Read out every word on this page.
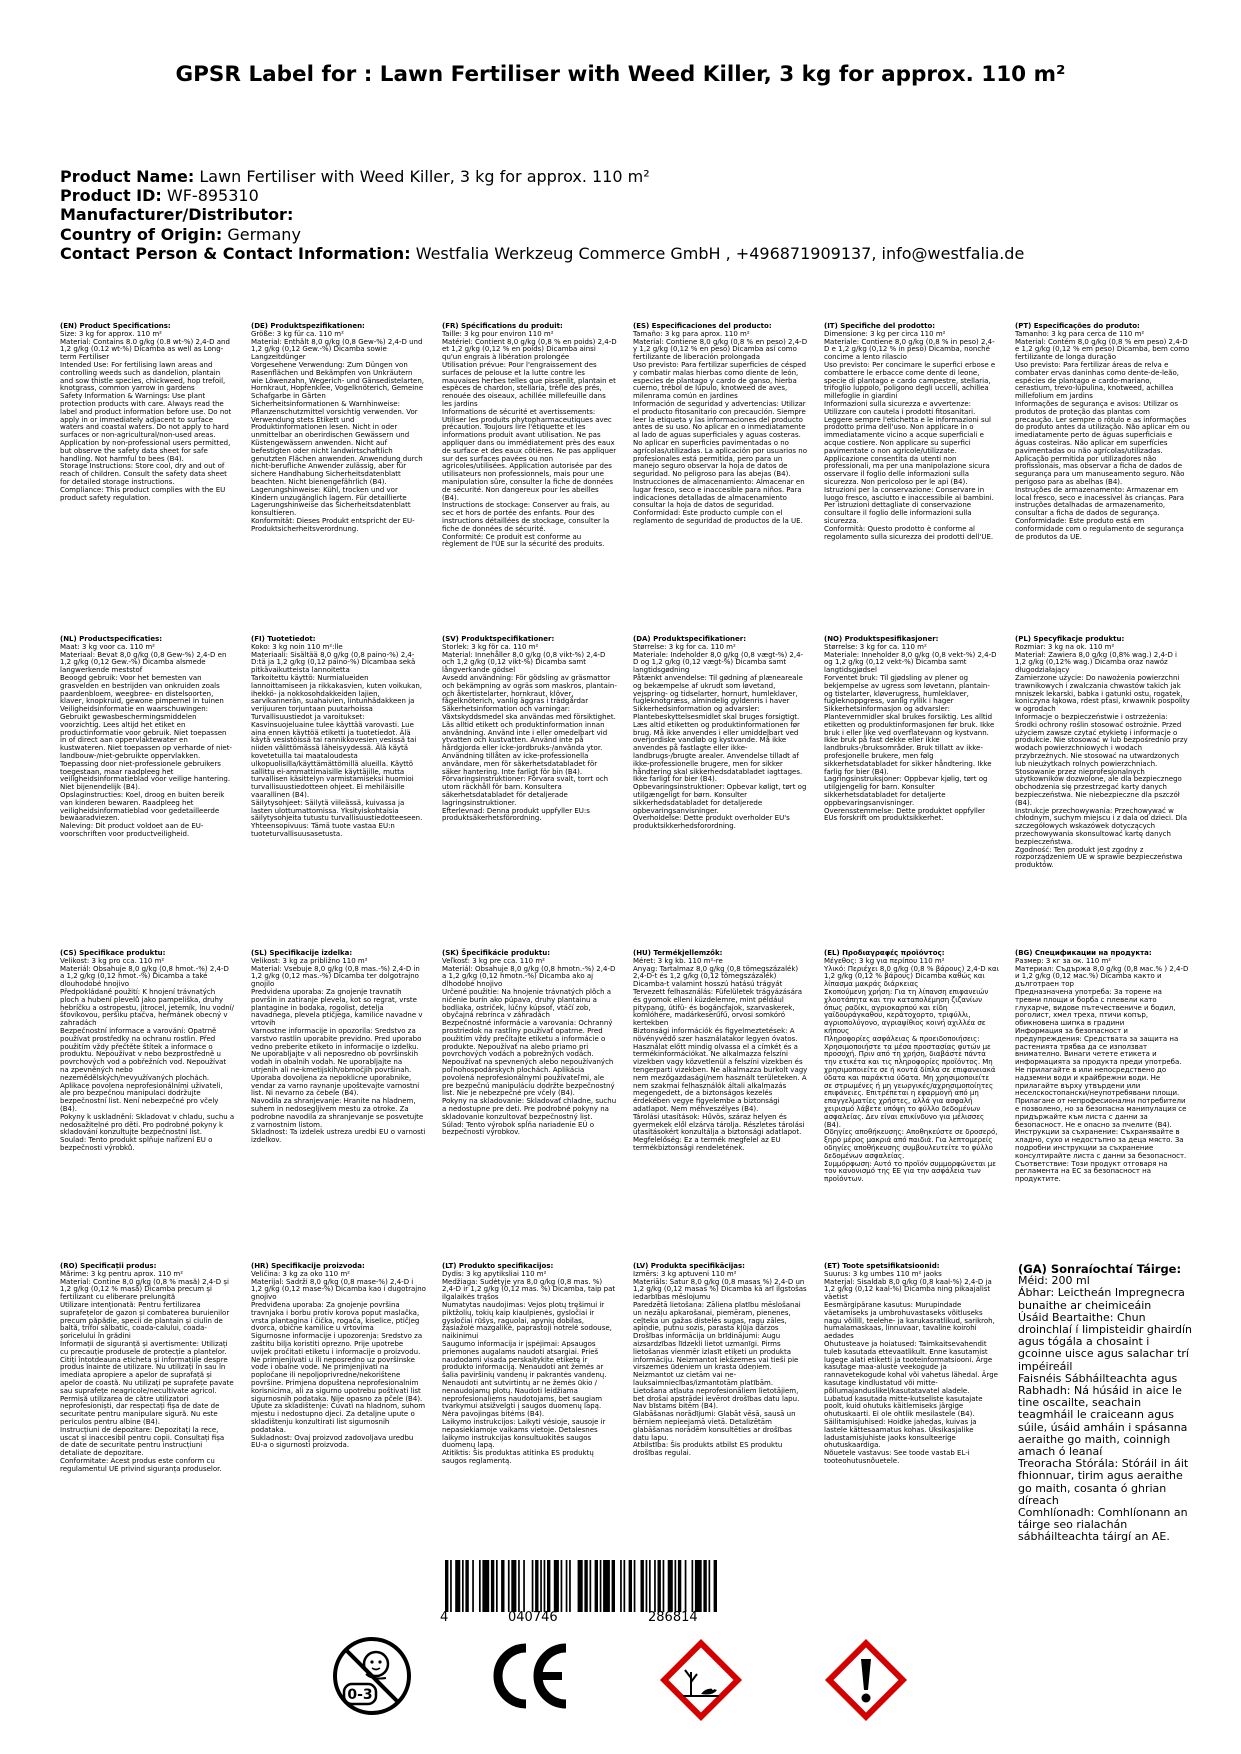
GPSR Label for : Lawn Fertiliser with Weed Killer, 3 kg for approx. 110 m²
Product Name: Lawn Fertiliser with Weed Killer, 3 kg for approx. 110 m²
Product ID: WF-895310
Manufacturer/Distributor:
Country of Origin: Germany
Contact Person & Contact Information: Westfalia Werkzeug Commerce GmbH , +496871909137, info@westfalia.de
(EN) Product Specifications:
Size: 3 kg for approx. 110 m²
Material: Contains 8.0 g/kg (0.8 wt-%) 2,4-D and 1,2 g/kg (0.12 wt-%) Dicamba as well as Long-term Fertiliser
Intended Use: For fertilising lawn areas and controlling weeds such as dandelion, plantain and sow thistle species, chickweed, hop trefoil, knotgrass, common yarrow in gardens
Safety Information & Warnings: Use plant protection products with care. Always read the label and product information before use. Do not apply in or immediately adjacent to surface waters and coastal waters. Do not apply to hard surfaces or non-agricultural/non-used areas. Application by non-professional users permitted, but observe the safety data sheet for safe handling. Not harmful to bees (B4).
Storage Instructions: Store cool, dry and out of reach of children. Consult the safety data sheet for detailed storage instructions.
Compliance: This product complies with the EU product safety regulation.
(DE) Produktspezifikationen:
Größe: 3 kg für ca. 110 m²
Material: Enthält 8,0 g/kg (0,8 Gew-%) 2,4-D und 1,2 g/kg (0,12 Gew.-%) Dicamba sowie Langzeitdünger
Vorgesehene Verwendung: Zum Düngen von Rasenflächen und Bekämpfen von Unkräutern wie Löwenzahn, Wegerich- und Gänsedistelarten, Hornkraut, Hopfenklee, Vogelknöterich, Gemeine Schafgarbe in Gärten
Sicherheitsinformationen & Warnhinweise: Pflanzenschutzmittel vorsichtig verwenden. Vor Verwendung stets Etikett und Produktinformationen lesen. Nicht in oder unmittelbar an oberirdischen Gewässern und Küstengewässern anwenden. Nicht auf befestigten oder nicht landwirtschaftlich genutzten Flächen anwenden. Anwendung durch nicht-berufliche Anwender zulässig, aber für sichere Handhabung Sicherheitsdatenblatt beachten. Nicht bienengefährlich (B4).
Lagerungshinweise: Kühl, trocken und vor Kindern unzugänglich lagern. Für detaillierte Lagerungshinweise das Sicherheitsdatenblatt konsultieren.
Konformität: Dieses Produkt entspricht der EU-Produktsicherheitsverordnung.
(FR) Spécifications du produit:
Taille: 3 kg pour environ 110 m²
Matériel: Contient 8,0 g/kg (0,8 % en poids) 2,4-D et 1,2 g/kg (0,12 % en poids) Dicamba ainsi qu'un engrais à libération prolongée
Utilisation prévue: Pour l'engraissement des surfaces de pelouse et la lutte contre les mauvaises herbes telles que pissenlit, plantain et espèces de chardon, stellaria, trèfle des prés, renouée des oiseaux, achillée millefeuille dans les jardins
Informations de sécurité et avertissements: Utiliser les produits phytopharmaceutiques avec précaution. Toujours lire l'étiquette et les informations produit avant utilisation. Ne pas appliquer dans ou immédiatement près des eaux de surface et des eaux côtières. Ne pas appliquer sur des surfaces pavées ou non agricoles/utilisées. Application autorisée par des utilisateurs non professionnels, mais pour une manipulation sûre, consulter la fiche de données de sécurité. Non dangereux pour les abeilles (B4).
Instructions de stockage: Conserver au frais, au sec et hors de portée des enfants. Pour des instructions détaillées de stockage, consulter la fiche de données de sécurité.
Conformité: Ce produit est conforme au règlement de l'UE sur la sécurité des produits.
(ES) Especificaciones del producto:
Tamaño: 3 kg para aprox. 110 m²
Material: Contiene 8,0 g/kg (0,8 % en peso) 2,4-D y 1,2 g/kg (0,12 % en peso) Dicamba así como fertilizante de liberación prolongada
Uso previsto: Para fertilizar superficies de césped y combatir malas hierbas como diente de león, especies de plantago y cardo de ganso, hierba cuerno, trébol de lúpulo, knotweed de aves, milenrama común en jardines
Información de seguridad y advertencias: Utilizar el producto fitosanitario con precaución. Siempre leer la etiqueta y las informaciones del producto antes de su uso. No aplicar en o inmediatamente al lado de aguas superficiales y aguas costeras. No aplicar en superficies pavimentadas o no agrícolas/utilizadas. La aplicación por usuarios no profesionales está permitida, pero para un manejo seguro observar la hoja de datos de seguridad. No peligroso para las abejas (B4).
Instrucciones de almacenamiento: Almacenar en lugar fresco, seco e inaccesible para niños. Para indicaciones detalladas de almacenamiento consultar la hoja de datos de seguridad.
Conformidad: Este producto cumple con el reglamento de seguridad de productos de la UE.
(IT) Specifiche del prodotto:
Dimensione: 3 kg per circa 110 m²
Materiale: Contiene 8,0 g/kg (0,8 % in peso) 2,4-D e 1,2 g/kg (0,12 % in peso) Dicamba, nonché concime a lento rilascio
Uso previsto: Per concimare le superfici erbose e combattere le erbacce come dente di leone, specie di plantago e cardo campestre, stellaria, trifoglio luppolo, poligono degli uccelli, achillea millefoglie in giardini
Informazioni sulla sicurezza e avvertenze: Utilizzare con cautela i prodotti fitosanitari. Leggere sempre l'etichetta e le informazioni sul prodotto prima dell'uso. Non applicare in o immediatamente vicino a acque superficiali e acque costiere. Non applicare su superfici pavimentate o non agricole/utilizzate. Applicazione consentita da utenti non professionali, ma per una manipolazione sicura osservare il foglio delle informazioni sulla sicurezza. Non pericoloso per le api (B4).
Istruzioni per la conservazione: Conservare in luogo fresco, asciutto e inaccessibile ai bambini. Per istruzioni dettagliate di conservazione consultare il foglio delle informazioni sulla sicurezza.
Conformità: Questo prodotto è conforme al regolamento sulla sicurezza dei prodotti dell'UE.
(PT) Especificações do produto:
Tamanho: 3 kg para cerca de 110 m²
Material: Contém 8,0 g/kg (0,8 % em peso) 2,4-D e 1,2 g/kg (0,12 % em peso) Dicamba, bem como fertilizante de longa duração
Uso previsto: Para fertilizar áreas de relva e combater ervas daninhas como dente-de-leão, espécies de plantago e cardo-mariano, cerastium, trevo-lúpulina, knotweed, achillea millefolium em jardins
Informações de segurança e avisos: Utilizar os produtos de proteção das plantas com precaução. Ler sempre o rótulo e as informações do produto antes da utilização. Não aplicar em ou imediatamente perto de águas superficiais e águas costeiras. Não aplicar em superfícies pavimentadas ou não agrícolas/utilizadas. Aplicação permitida por utilizadores não profissionais, mas observar a ficha de dados de segurança para um manuseamento seguro. Não perigoso para as abelhas (B4).
Instruções de armazenamento: Armazenar em local fresco, seco e inacessível às crianças. Para instruções detalhadas de armazenamento, consultar a ficha de dados de segurança.
Conformidade: Este produto está em conformidade com o regulamento de segurança de produtos da UE.
(NL) Productspecificaties:
Maat: 3 kg voor ca. 110 m²
Materiaal: Bevat 8,0 g/kg (0,8 Gew-%) 2,4-D en 1,2 g/kg (0,12 Gew.-%) Dicamba alsmede langwerkende meststof
Beoogd gebruik: Voor het bemesten van grasvelden en bestrijden van onkruiden zoals paardenbloem, weegbree- en distelsoorten, klaver, knopkruid, gewone pimpernel in tuinen
Veiligheidsinformatie en waarschuwingen: Gebruikt gewasbeschermingsmiddelen voorzichtig. Lees altijd het etiket en productinformatie voor gebruik. Niet toepassen in of direct aan oppervlaktewater en kustwateren. Niet toepassen op verharde of niet-landbouw-/niet-gebruikte oppervlakken. Toepassing door niet-professionele gebruikers toegestaan, maar raadpleeg het veiligheidsinformatieblad voor veilige hantering. Niet bijenendelijk (B4).
Opslaginstructies: Koel, droog en buiten bereik van kinderen bewaren. Raadpleeg het veiligheidsinformatieblad voor gedetailleerde bewaaradviezen.
Naleving: Dit product voldoet aan de EU-voorschriften voor productveiligheid.
(FI) Tuotetiedot:
Koko: 3 kg noin 110 m²:lle
Materiaali: Sisältää 8,0 g/kg (0,8 paino-%) 2,4-D:tä ja 1,2 g/kg (0,12 paino-%) Dicambaa sekä pitkävaikutteista lannoitetta
Tarkoitettu käyttö: Nurmialueiden lannoittamiseen ja rikkakasvien, kuten voikukan, ihekkö- ja nokkosohdakkeiden lajien, sarvikannerän, suahaivien, lintunhädakkeen ja verijuuren torjuntaan puutarhoissa
Turvallisuustiedot ja varoitukset: Kasvinsuojeluaine tulee käyttää varovasti. Lue aina ennen käyttöä etiketti ja tuotetiedot. Älä käytä vesistöissä tai rannikkovesien vesissä tai niiden välittömässä läheisyydessä. Älä käytä kovetetuilla tai maataloudesta ulkopuolisilla/käyttämättömillä alueilla. Käyttö sallittu ei-ammattimaisille käyttäjille, mutta turvallisen käsittelyn varmistamiseksi huomioi turvallisuustiedotteen ohjeet. Ei mehiläisille vaarallinen (B4).
Säilytysohjeet: Säilytä viileässä, kuivassa ja lasten ulottumattomissa. Yksityiskohtaisia säilytysohjeita tutustu turvallisuustiedotteeseen.
Yhteensopivuus: Tämä tuote vastaa EU:n tuoteturvallisuusasetusta.
(SV) Produktspecifikationer:
Storlek: 3 kg för ca. 110 m²
Material: Innehåller 8,0 g/kg (0,8 vikt-%) 2,4-D och 1,2 g/kg (0,12 vikt-%) Dicamba samt långverkande gödsel
Avsedd användning: För gödsling av gräsmattor och bekämpning av ogräs som maskros, plantain- och åkertistelarter, hornkraut, klöver, fågelknöterich, vanlig äggras i trädgårdar
Säkerhetsinformation och varningar: Växtskyddsmedel ska användas med försiktighet. Läs alltid etikett och produktinformation innan användning. Använd inte i eller omedelbart vid ytvatten och kustvatten. Använd inte på hårdgjorda eller icke-jordbruks-/använda ytor. Användning tillåten av icke-professionella användare, men för säkerhetsdatabladet för säker hantering. Inte farligt för bin (B4).
Förvaringsinstruktioner: Förvara svalt, torrt och utom räckhåll för barn. Konsultera säkerhetsdatabladet för detaljerade lagringsinstruktioner.
Efterlevnad: Denna produkt uppfyller EU:s produktsäkerhetsförordning.
(DA) Produktspecifikationer:
Størrelse: 3 kg for ca. 110 m²
Materiale: Indeholder 8,0 g/kg (0,8 vægt-%) 2,4-D og 1,2 g/kg (0,12 vægt-%) Dicamba samt langtidsgødning
Påtænkt anvendelse: Til gødning af plæneareale og bekæmpelse af ukrudt som løvetand, vejspring- og tidselarter, hornurt, humleklaver, fugleknotgræss, almindelig gyldenris i haver
Sikkerhedsinformation og advarsler: Plantebeskyttelsesmidlet skal bruges forsigtigt. Læs altid etiketten og produktinformationen før brug. Må ikke anvendes i eller umiddelbart ved overjordiske vandløb og kystvande. Må ikke anvendes på fastlagte eller ikke-landbrugs-/brugte arealer. Anvendelse tilladt af ikke-professionelle brugere, men for sikker håndtering skal sikkerhedsdatabladet iagttages. Ikke farligt for bier (B4).
Opbevaringsinstruktioner: Opbevar køligt, tørt og utilgængeligt for børn. Konsulter sikkerhedsdatabladet for detaljerede opbevaringsanvisninger.
Overholdelse: Dette produkt overholder EU's produktsikkerhedsforordning.
(NO) Produktspesifikasjoner:
Størrelse: 3 kg for ca. 110 m²
Materiale: Inneholder 8,0 g/kg (0,8 vekt-%) 2,4-D og 1,2 g/kg (0,12 vekt-%) Dicamba samt langtidsgjødsel
Forventet bruk: Til gjødsling av plener og bekjempelse av ugress som løvetann, plantain- og tistelarter, kløverugress, humleklaver, fugleknoppgress, vanlig ryllik i hager
Sikkerhetsinformasjon og advarsler: Plantevernmidler skal brukes forsiktig. Les alltid etiketten og produktinformasjonen før bruk. Ikke bruk i eller like ved overflatevann og kystvann. Ikke bruk på fast dekke eller ikke landbruks-/bruksområder. Bruk tillatt av ikke-profesjonelle brukere, men følg sikkerhetsdatabladet for sikker håndtering. Ikke farlig for bier (B4).
Lagringsinstruksjoner: Oppbevar kjølig, tørt og utilgjengelig for barn. Konsulter sikkerhetsdatabladet for detaljerte oppbevaringsanvisninger.
Overensstemmelse: Dette produktet oppfyller EUs forskrift om produktsikkerhet.
(PL) Specyfikacje produktu:
Rozmiar: 3 kg na ok. 110 m²
Materiał: Zawiera 8,0 g/kg (0,8% wag.) 2,4-D i 1,2 g/kg (0,12% wag.) Dicamba oraz nawóz długodziałający
Zamierzone użycie: Do nawożenia powierzchni trawnikowych i zwalczania chwastów takich jak mniszek lekarski, babka i gatunki ostu, rogatek, koniczyna łąkowa, rdest ptasi, krwawnik pospolity w ogrodach
Informacje o bezpieczeństwie i ostrzeżenia: Środki ochrony roślin stosować ostrożnie. Przed użyciem zawsze czytać etykietę i informacje o produkcie. Nie stosować w lub bezpośrednio przy wodach powierzchniowych i wodach przybrzeżnych. Nie stosować na utwardzonych lub nieużytkach rolnych powierzchniach. Stosowanie przez nieprofesjonalnych użytkowników dozwolone, ale dla bezpiecznego obchodzenia się przestrzegać karty danych bezpieczeństwa. Nie niebezpieczne dla pszczół (B4).
Instrukcje przechowywania: Przechowywać w chłodnym, suchym miejscu i z dala od dzieci. Dla szczegółowych wskazówek dotyczących przechowywania skonsultować kartę danych bezpieczeństwa.
Zgodność: Ten produkt jest zgodny z rozporządzeniem UE w sprawie bezpieczeństwa produktów.
(CS) Specifikace produktu:
Velikost: 3 kg pro cca. 110 m²
Materiál: Obsahuje 8,0 g/kg (0,8 hmot.-%) 2,4-D a 1,2 g/kg (0,12 hmot.-%) Dicamba a také dlouhodobé hnojivo
Předpokládané použití: K hnojení trávnatých ploch a hubení plevelů jako pampeliška, druhy hebríčku a ostropestu, jitrocel, jetemík, lnu vodní/šťovíkovou, peršiku ptačva, heřmánek obecný v zahradách
Bezpečnostní informace a varování: Opatrně používat prostředky na ochranu rostlin. Před použitím vždy přečtěte štítek a informace o produktu. Nepoužívat v nebo bezprostředně u povrchových vod a pobřežních vod. Nepoužívat na zpevněných nebo nezemědělských/nevyužívaných plochách. Aplikace povolena neprofesionálními uživateli, ale pro bezpečnou manipulaci dodržujte bezpečnostní list. Není nebezpečné pro včely (B4).
Pokyny k uskladnění: Skladovat v chladu, suchu a nedosažitelné pro děti. Pro podrobné pokyny k skladování konzultujte bezpečnostní list.
Soulad: Tento produkt splňuje nařízení EU o bezpečnosti výrobků.
(SL) Specifikacije izdelka:
Velikost: 3 kg za približno 110 m²
Material: Vsebuje 8,0 g/kg (0,8 mas.-%) 2,4-D in 1,2 g/kg (0,12 mas.-%) Dicamba ter dolgotrajno gnojilo
Predvidena uporaba: Za gnojenje travnatih površin in zatiranje plevela, kot so regrat, vrste plantagine in bodaka, rogolist, detelja navadnega, plevela ptičjega, kamilice navadne v vrtovih
Varnostne informacije in opozorila: Sredstvo za varstvo rastlin uporabite previdno. Pred uporabo vedno preberite etiketo in informacije o izdelku. Ne uporabljajte v ali neposredno ob površinskih vodah in obalnih vodah. Ne uporabljajte na utrjenih ali ne-kmetijskih/območjih površinah. Uporaba dovoljena za nepoklicne uporabnike, vendar za varno ravnanje upoštevajte varnostni list. Ni nevarno za čebele (B4).
Navodila za shranjevanje: Hranite na hladnem, suhem in nedosegljivem mestu za otroke. Za podrobne navodila za shranjevanje se posvetujte z varnostnim listom.
Skladnost: Ta izdelek ustreza uredbi EU o varnosti izdelkov.
(SK) Špecifikácie produktu:
Veľkosť: 3 kg pre cca. 110 m²
Materiál: Obsahuje 8,0 g/kg (0,8 hmotn.-%) 2,4-D a 1,2 g/kg (0,12 hmotn.-%) Dicamba ako aj dlhodobé hnojivo
Určené použitie: Na hnojenie trávnatých plôch a ničenie burín ako púpava, druhy plantainu a bodliaka, ostriček, lúčny kúpsof, vtáčí zob, obyčajná rebrínca v záhradách
Bezpečnostné informácie a varovania: Ochranný prostriedok na rastliny používať opatrne. Pred použitím vždy prečítajte etiketu a informácie o produkte. Nepoužívať na alebo priamo pri povrchových vodách a pobrežných vodách. Nepoužívať na spevnených alebo nepoužívaných poľnohospodárskych plochách. Aplikácia povolená neprofesionálnymi používateľmi, ale pre bezpečnú manipuláciu dodržte bezpečnostný list. Nie je nebezpečné pre včely (B4).
Pokyny na skladovanie: Skladovať chladne, suchu a nedostupne pre deti. Pre podrobné pokyny na skladovanie konzultovať bezpečnostný list.
Súlad: Tento výrobok spĺňa nariadenie EÚ o bezpečnosti výrobkov.
(HU) Termékjellemzők:
Méret: 3 kg kb. 110 m²-re
Anyag: Tartalmaz 8,0 g/kg (0,8 tömegszázalék) 2,4-D-t és 1,2 g/kg (0,12 tömegszázalék) Dicamba-t valamint hosszú hatású trágyát
Tervezett felhasználás: Füfelületek trágyázására és gyomok elleni küzdelemre, mint például pitypang, útifü- és bogáncfajok, szarvaskerek, komlóhere, madárkeserűfű, orvosi somkóró kertekben
Biztonsági információk és figyelmeztetések: A növényvédő szer használatakor legyen óvatos. Használat előtt mindig olvassa el a címkét és a termékinformációkat. Ne alkalmazza felszíni vizekben vagy közvetlenül a felszíni vizekben és tengerparti vizekben. Ne alkalmazza burkolt vagy nem mezőgazdasági/nem használt területeken. A nem szakmai felhasználók általi alkalmazás megengedett, de a biztonságos kezelés érdekében vegye figyelembe a biztonsági adatlapot. Nem méhveszélyes (B4).
Tárolási utasítások: Hűvös, száraz helyen és gyermekek elől elzárva tárolja. Részletes tárolási utasításokért konzultálja a biztonsági adatlapot.
Megfelelőség: Ez a termék megfelel az EU termékbiztonsági rendeletének.
(EL) Προδιαγραφές προϊόντος:
Μέγεθος: 3 kg για περίπου 110 m²
Υλικό: Περιέχει 8,0 g/kg (0,8 % βάρους) 2,4-D και 1,2 g/kg (0,12 % βάρους) Dicamba καθώς και λίπασμα μακράς διάρκειας
Σκοπούμενη χρήση: Για τη λίπανση επιφανειών χλοοτάπητα και την καταπολέμηση ζιζανίων όπως ραδίκι, αγριοκαρπού και είδη γαϊδουράγκαθου, κεράτοχορτο, τριφύλλι, αγριοπολύγονο, αγριαψίθιος κοινή αχιλλέα σε κήπους
Πληροφορίες ασφάλειας & προειδοποιήσεις: Χρησιμοποιήστε τα μέσα προστασίας φυτών με προσοχή. Πριν από τη χρήση, διαβάστε πάντα την ετικέτα και τις πληροφορίες προϊόντος. Μη χρησιμοποιείτε σε ή κοντά δίπλα σε επιφανειακά ύδατα και παράκτια ύδατα. Μη χρησιμοποιείτε σε στρωμένες ή μη γεωργικές/αχρησιμοποίητες επιφάνειες. Επιτρέπεται η εφαρμογή από μη επαγγελματίες χρήστες, αλλά για ασφαλή χειρισμό λάβετε υπόψη το φύλλο δεδομένων ασφαλείας. Δεν είναι επικίνδυνο για μέλισσες (B4).
Οδηγίες αποθήκευσης: Αποθηκεύστε σε δροσερό, ξηρό μέρος μακριά από παιδιά. Για λεπτομερείς οδηγίες αποθήκευσης συμβουλευτείτε το φύλλο δεδομένων ασφαλείας.
Συμμόρφωση: Αυτό το προϊόν συμμορφώνεται με τον κανονισμό της ΕΕ για την ασφάλεια των προϊόντων.
(BG) Спецификации на продукта:
Размер: 3 кг за ок. 110 m²
Материал: Съдържа 8,0 g/kg (0,8 мас.% ) 2,4-D и 1,2 g/kg (0,12 мас.%) Dicamba както и дълготраен тор
Предназначена употреба: За торене на тревни площи и борба с плевели като глухарче, видове пътечествениче и бодил, роголист, хмел треха, птичи копър, обикновена шипка в градини
Информация за безопасност и предупреждения: Средствата за защита на растенията трябва да се използват внимателно. Винаги четете етикета и информацията за продукта преди употреба. Не прилагайте в или непосредствено до надземни води и крайбрежни води. Не прилагайте върху утвърдени или неселскостопански/неупотребявани площи. Прилагане от непрофесионални потребители е позволено, но за безопасна манипулация се придържайте към листа с данни за безопасност. Не е опасно за пчелите (B4).
Инструкции за съхранение: Съхранявайте в хладно, сухо и недостъпно за деца място. За подробни инструкции за съхранение консултирайте листа с данни за безопасност.
Съответствие: Този продукт отговаря на регламента на ЕС за безопасност на продуктите.
(RO) Specificații produs:
Mărime: 3 kg pentru aprox. 110 m²
Material: Contine 8,0 g/kg (0,8 % masă) 2,4-D și 1,2 g/kg (0,12 % masă) Dicamba precum și fertilizant cu eliberare prelungită
Utilizare intenționată: Pentru fertilizarea suprafețelor de gazon și combaterea buruienilor precum păpădie, specii de plantain și ciulin de baltă, trifoi sălbatic, coada-calului, coada-șoricelului în grădini
Informații de siguranță și avertismente: Utilizați cu precauție produsele de protecție a plantelor. Citiți întotdeauna eticheta și informațiile despre produs înainte de utilizare. Nu utilizați în sau în imediata apropiere a apelor de suprafață și apelor de coastă. Nu utilizați pe suprafețe pavate sau suprafețe neagricole/necultivate agricol. Permisă utilizarea de către utilizatori neprofesioniști, dar respectați fișa de date de securitate pentru manipulare sigură. Nu este periculos pentru albine (B4).
Instrucțiuni de depozitare: Depozitați la rece, uscat și inaccesibil pentru copii. Consultați fișa de date de securitate pentru instrucțiuni detaliate de depozitare.
Conformitate: Acest produs este conform cu regulamentul UE privind siguranța produselor.
(HR) Specifikacije proizvoda:
Veličina: 3 kg za oko 110 m²
Materijal: Sadrži 8,0 g/kg (0,8 mase-%) 2,4-D i 1,2 g/kg (0,12 mase-%) Dicamba kao i dugotrajno gnojivo
Predviđena uporaba: Za gnojenje površina travnjaka i borbu protiv korova poput maslačka, vrsta plantagina i čička, rogača, kiselice, ptičjeg dvorca, obične kamilice u vrtovima
Sigurnosne informacije i upozorenja: Sredstvo za zaštitu bilja koristiti oprezno. Prije upotrebe uvijek pročitati etiketu i informacije o proizvodu. Ne primjenjivati u ili neposredno uz površinske vode i obalne vode. Ne primjenjivati na popločane ili nepoljoprivredne/nekorištene površine. Primjena dopuštena neprofesionalnim korisnicima, ali za sigurno upotrebu poštivati list sigurnosnih podataka. Nije opasno za pčele (B4).
Upute za skladištenje: Čuvati na hladnom, suhom mjestu i nedostupno djeci. Za detaljne upute o skladištenju konzultirati list sigurnosnih podataka.
Sukladnost: Ovaj proizvod zadovoljava uredbu EU-a o sigurnosti proizvoda.
(LT) Produkto specifikacijos:
Dydis: 3 kg apytiksliai 110 m²
Medžiaga: Sudėtyje yra 8,0 g/kg (0,8 mas. %) 2,4-D ir 1,2 g/kg (0,12 mas. %) Dicamba, taip pat ilgalaikės trąšos
Numatytas naudojimas: Vejos plotų tręšimui ir piktžolių, tokių kaip kiaulpienės, gysločiai ir gysločiai rūšys, raguolai, apynių dobilas, žąsiažolė mazgalikė, paprastoji notrelė sodouse, naikinimui
Saugumo informacija ir įspėjimai: Apsaugos priemones augalams naudoti atsargiai. Prieš naudodami visada perskaitykite etiketę ir produkto informaciją. Nenaudoti ant žemės ar šalia paviršinių vandenų ir pakrantės vandenų. Nenaudoti ant sutvirtintų ar ne žemės ūkio / nenaudojamų plotų. Naudoti leidžiama neprofesionaliems naudotojams, bet saugiam tvarkymui atsižvelgti į saugos duomenų lapą. Nėra pavojingas bitėms (B4).
Laikymo instrukcijos: Laikyti vėsioje, sausoje ir nepasiekiamoje vaikams vietoje. Detalesnes laikymo instrukcijas konsultuokitės saugos duomenų lapą.
Atitiktis: Šis produktas atitinka ES produktų saugos reglamentą.
(LV) Produkta specifikācijas:
Izmērs: 3 kg aptuveni 110 m²
Materiāls: Satur 8,0 g/kg (0,8 masas %) 2,4-D un 1,2 g/kg (0,12 masas %) Dicamba kā arī ilgstošas iedarbības mēslojumu
Paredzētā lietošana: Zāliena platību mēslošanai un nezāļu apkarošanai, piemēram, pienenes, ceļteka un gažas distelės sugas, ragu zāles, apiņdie, putnu sozis, parasta kļūja dārzos
Drošības informācija un brīdinājumi: Augu aizsardzības līdzekli lietot uzmanīgi. Pirms lietošanas vienmēr izlasīt etiķeti un produkta informāciju. Neizmantot iekšzemes vai tieši pie virszemes ūdeniem un krasta ūdeņiem. Neizmantot uz cietām vai ne-lauksaimniecības/izmantotām platībām. Lietošana atļauta neprofesionāliem lietotājiem, bet drošai apstrādei ievērot drošības datu lapu. Nav bīstams bitēm (B4).
Glabāšanas norādījumi: Glabāt vēsā, sausā un bērniem nepieejamā vietā. Detalizētām glabāšanas norādēm konsultēties ar drošības datu lapu.
Atbilstība: Šis produkts atbilst ES produktu drošības regulai.
(ET) Toote spetsifikatsioonid:
Suurus: 3 kg umbes 110 m² jaoks
Materjal: Sisaldab 8,0 g/kg (0,8 kaal-%) 2,4-D ja 1,2 g/kg (0,12 kaal-%) Dicamba ning pikaajalist väetist
Eesmärgipärane kasutus: Murupindade väetamiseks ja umbrohuvastaseks võitluseks nagu võilill, teelehe- ja karukasratlikud, sarikroh, humalamaskaas, linnuvaar, tavaline koirohi aedades
Ohutusteave ja hoiatused: Taimkaitsevahendit tuleb kasutada ettevaatlikult. Enne kasutamist lugege alati etiketti ja tooteinformatsiooni. Ärge kasutage maa-aluste veekogude ja rannavetekogude kohal või vahetus lähedal. Ärge kasutage kindlustatud või mitte-põllumajanduslikel/kasutatavatel aladele. Lubatud kasutada mitte-kutseliste kasutajate poolt, kuid ohutuks käitlemiseks järgige ohutuskaarti. Ei ole ohtlik mesilastele (B4).
Säilitamisjuhised: Hoidke jahedas, kuivas ja lastele kättesaamatus kohas. Üksikasjalike ladustamisjuhiste jaoks konsulteerige ohutuskaardiga.
Nõuetele vastavus: See toode vastab EL-i tooteohutusnõuetele.
(GA) Sonraíochtaí Táirge:
Méid: 200 ml
Ábhar: Leictheán Impregnecra bunaithe ar cheimiceáin
Úsáid Beartaithe: Chun droinchlaí í Iimpisteidir ghairdín agus tógála a chosaint i gcoinne uisce agus salachar trí impéireáil
Faisnéis Sábháilteachta agus Rabhadh: Ná húsáid in aice le tine oscailte, seachain teagmháil le craiceann agus súile, úsáid amháin i spásanna aeraithe go maith, coinnigh amach ó leanaí
Treoracha Stórála: Stóráil in áit fhionnuar, tirim agus aeraithe go maith, cosanta ó ghrian díreach
Comhlíonadh: Comhlíonann an táirge seo rialachán sábháilteachta táirgí an AE.
4	040746	286814
0-3
